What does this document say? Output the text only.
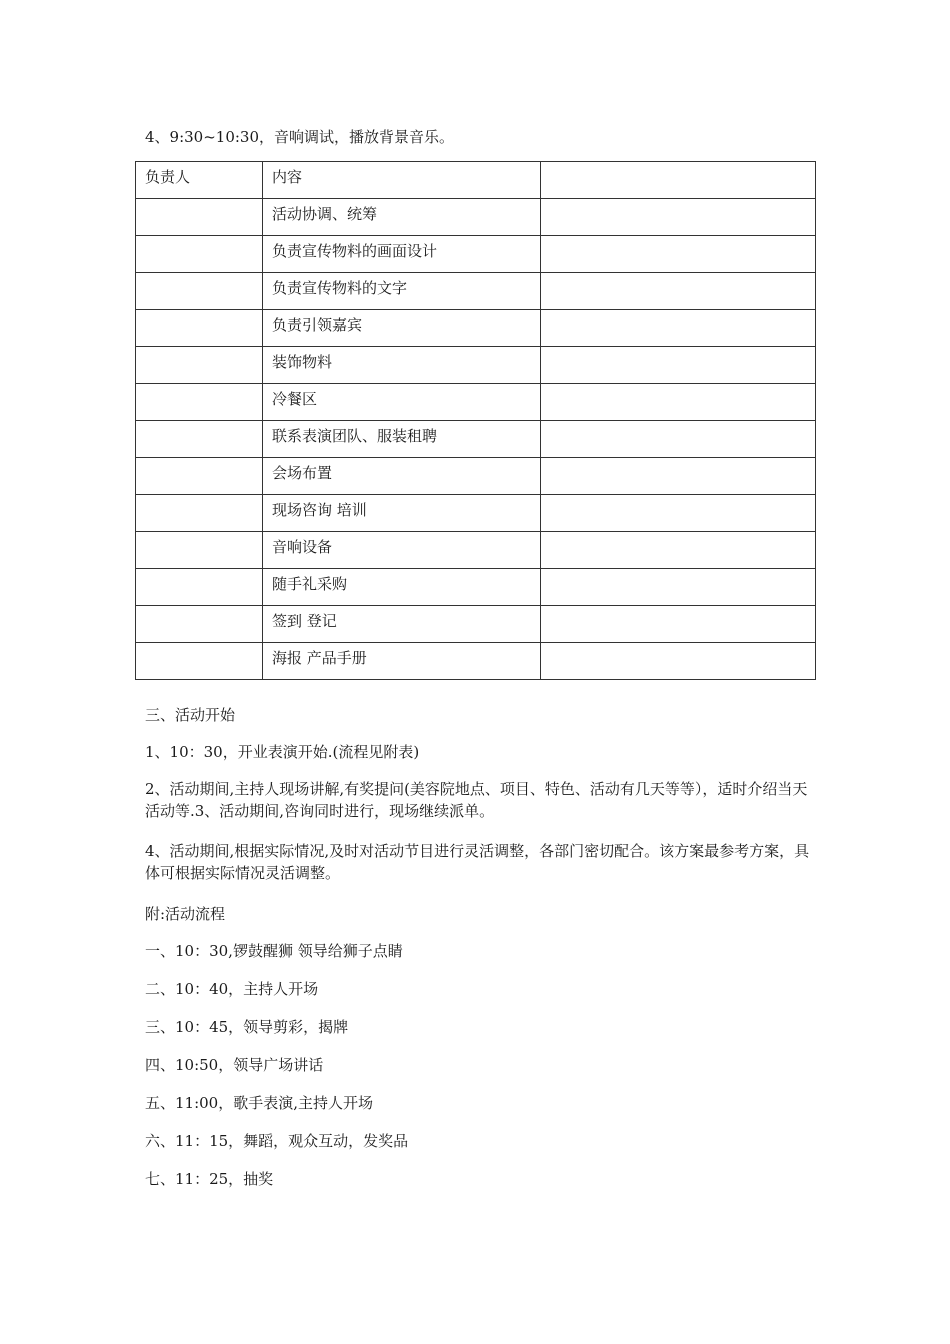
4、9:30~10:30，音响调试，播放背景音乐。

负责人	内容	
	活动协调、统筹	
	负责宣传物料的画面设计	
	负责宣传物料的文字	
	负责引领嘉宾	
	装饰物料	
	冷餐区	
	联系表演团队、服装租聘	
	会场布置	
	现场咨询 培训	
	音响设备	
	随手礼采购	
	签到 登记	
	海报 产品手册	

三、活动开始

1、10：30，开业表演开始.(流程见附表)

2、活动期间,主持人现场讲解,有奖提问(美容院地点、项目、特色、活动有几天等等），适时介绍当天活动等.3、活动期间,咨询同时进行，现场继续派单。

4、活动期间,根据实际情况,及时对活动节目进行灵活调整，各部门密切配合。该方案最参考方案，具体可根据实际情况灵活调整。

附:活动流程

一、10：30,锣鼓醒狮 领导给狮子点睛

二、10：40，主持人开场

三、10：45，领导剪彩，揭牌

四、10:50，领导广场讲话

五、11:00，歌手表演,主持人开场

六、11：15，舞蹈，观众互动，发奖品

七、11：25，抽奖
